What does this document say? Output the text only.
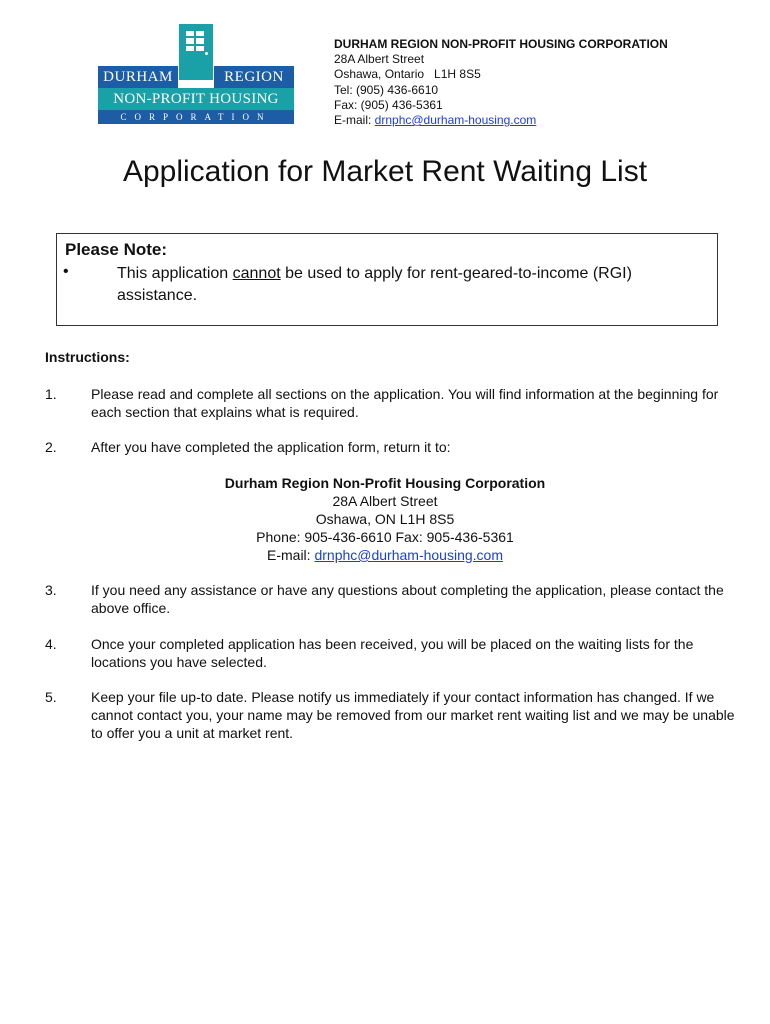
DURHAM	REGION
NON-PROFIT HOUSING
CORPORATION
DURHAM REGION NON-PROFIT HOUSING CORPORATION
28A Albert Street
Oshawa, Ontario   L1H 8S5
Tel: (905) 436-6610
Fax: (905) 436-5361
E-mail: drnphc@durham-housing.com
Application for Market Rent Waiting List
Please Note:
•	This application cannot be used to apply for rent-geared-to-income (RGI) assistance.
Instructions:
1. Please read and complete all sections on the application. You will find information at the beginning for each section that explains what is required.
2. After you have completed the application form, return it to:
Durham Region Non-Profit Housing Corporation
28A Albert Street
Oshawa, ON L1H 8S5
Phone: 905-436-6610 Fax: 905-436-5361
E-mail: drnphc@durham-housing.com
3. If you need any assistance or have any questions about completing the application, please contact the above office.
4. Once your completed application has been received, you will be placed on the waiting lists for the locations you have selected.
5. Keep your file up-to date. Please notify us immediately if your contact information has changed. If we cannot contact you, your name may be removed from our market rent waiting list and we may be unable to offer you a unit at market rent.
